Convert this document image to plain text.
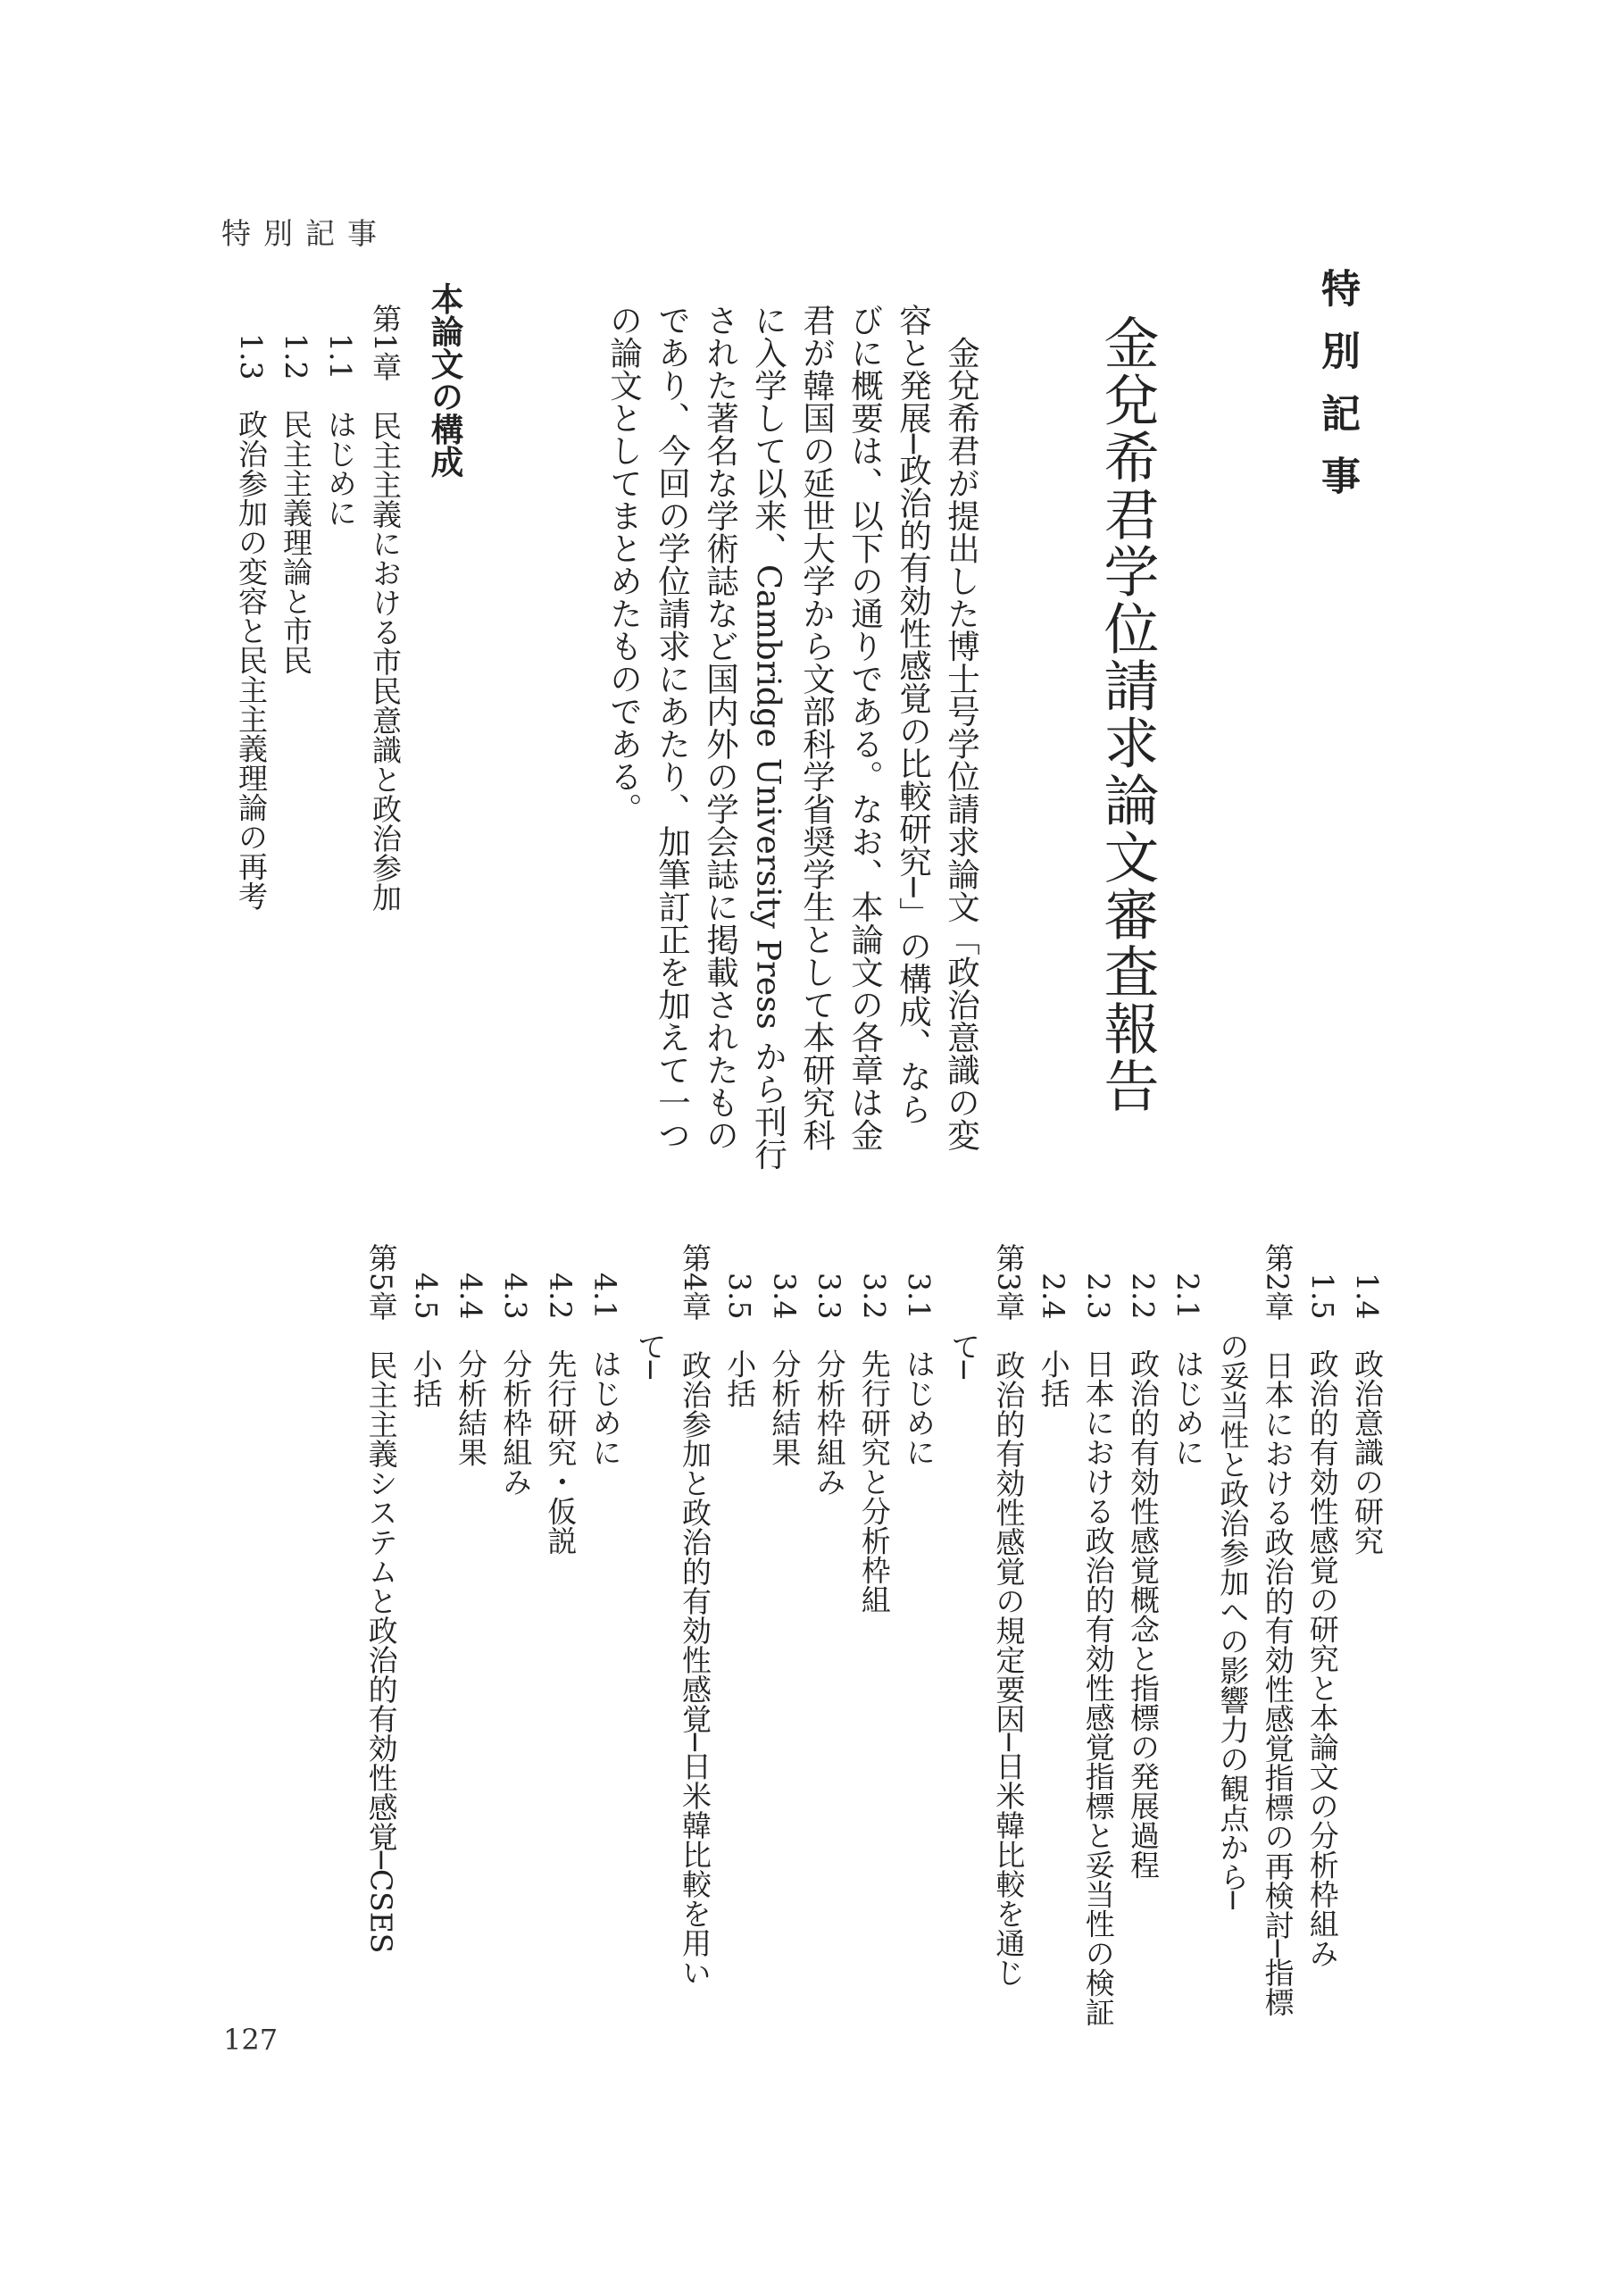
特別記事
特別記事
金兌希君学位請求論文審査報告
　金兌希君が提出した博士号学位請求論文「政治意識の変
容と発展─政治的有効性感覚の比較研究─」の構成、なら
びに概要は、以下の通りである。なお、本論文の各章は金
君が韓国の延世大学から文部科学省奨学生として本研究科
に入学して以来、Cambridge University Press から刊行
された著名な学術誌など国内外の学会誌に掲載されたもの
であり、今回の学位請求にあたり、加筆訂正を加えて一つ
の論文としてまとめたものである。
本論文の構成
第1章　民主主義における市民意識と政治参加
　1.1　はじめに
　1.2　民主主義理論と市民
　1.3　政治参加の変容と民主主義理論の再考
　1.4　政治意識の研究
　1.5　政治的有効性感覚の研究と本論文の分析枠組み
第2章　日本における政治的有効性感覚指標の再検討─指標
　　　の妥当性と政治参加への影響力の観点から─
　2.1　はじめに
　2.2　政治的有効性感覚概念と指標の発展過程
　2.3　日本における政治的有効性感覚指標と妥当性の検証
　2.4　小括
第3章　政治的有効性感覚の規定要因─日米韓比較を通じ
　　　て─
　3.1　はじめに
　3.2　先行研究と分析枠組
　3.3　分析枠組み
　3.4　分析結果
　3.5　小括
第4章　政治参加と政治的有効性感覚─日米韓比較を用い
　　　て─
　4.1　はじめに
　4.2　先行研究・仮説
　4.3　分析枠組み
　4.4　分析結果
　4.5　小括
第5章　民主主義システムと政治的有効性感覚─CSES
127
